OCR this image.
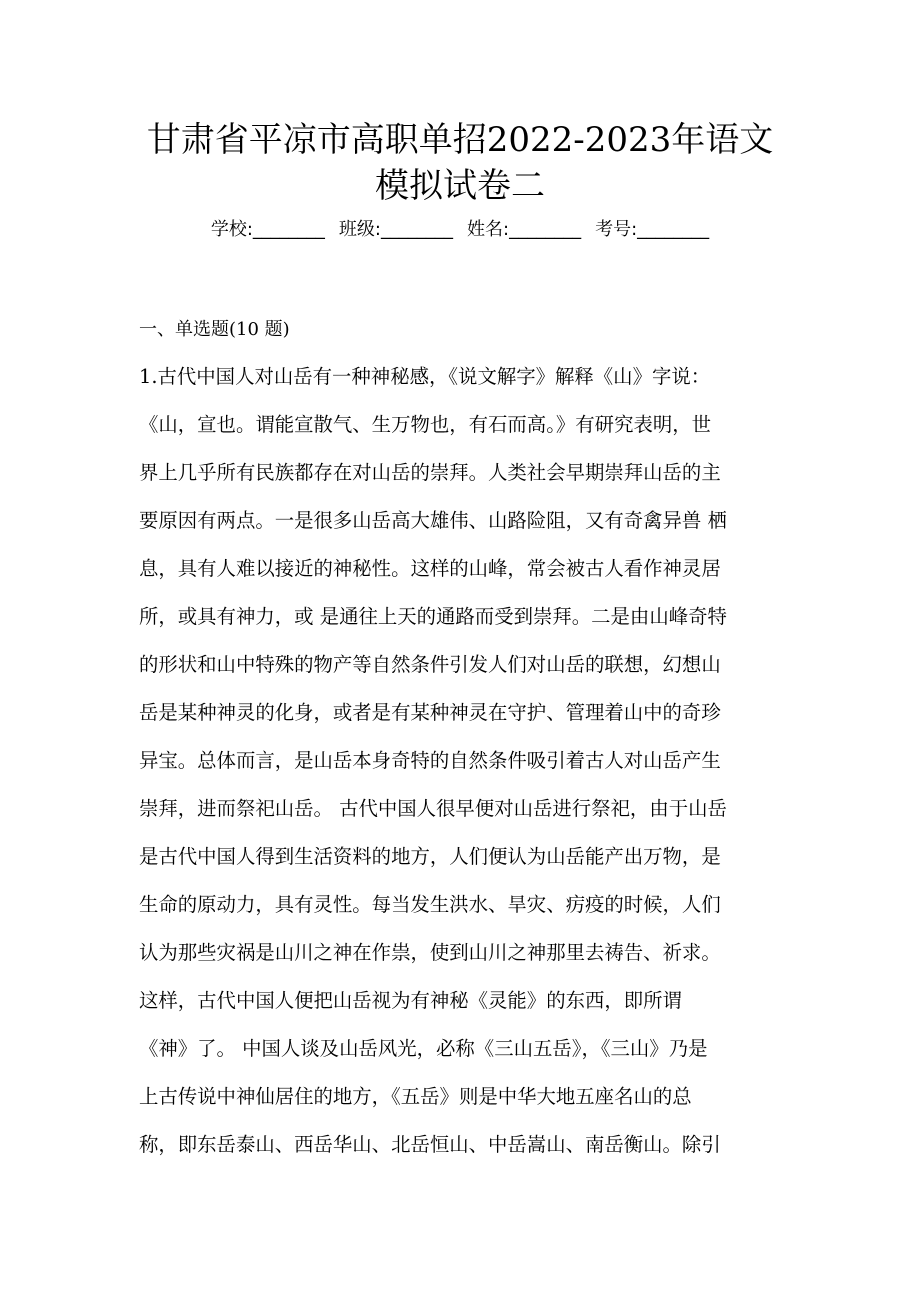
甘肃省平凉市高职单招2022-2023年语文
模拟试卷二
学校:________ 班级:________ 姓名:________ 考号:________
一、单选题(10 题)
1.古代中国人对山岳有一种神秘感，《说文解字》解释《山》字说：
《山，宣也。谓能宣散气、生万物也，有石而高。》有研究表明，世
界上几乎所有民族都存在对山岳的崇拜。人类社会早期崇拜山岳的主
要原因有两点。一是很多山岳高大雄伟、山路险阻，又有奇禽异兽 栖
息，具有人难以接近的神秘性。这样的山峰，常会被古人看作神灵居
所，或具有神力，或 是通往上天的通路而受到崇拜。二是由山峰奇特
的形状和山中特殊的物产等自然条件引发人们对山岳的联想，幻想山
岳是某种神灵的化身，或者是有某种神灵在守护、管理着山中的奇珍
异宝。总体而言，是山岳本身奇特的自然条件吸引着古人对山岳产生
崇拜，进而祭祀山岳。 古代中国人很早便对山岳进行祭祀，由于山岳
是古代中国人得到生活资料的地方，人们便认为山岳能产出万物，是
生命的原动力，具有灵性。每当发生洪水、旱灾、疠疫的时候，人们
认为那些灾祸是山川之神在作祟，使到山川之神那里去祷告、祈求。
这样，古代中国人便把山岳视为有神秘《灵能》的东西，即所谓
《神》了。 中国人谈及山岳风光，必称《三山五岳》，《三山》乃是
上古传说中神仙居住的地方，《五岳》则是中华大地五座名山的总
称，即东岳泰山、西岳华山、北岳恒山、中岳嵩山、南岳衡山。除引
